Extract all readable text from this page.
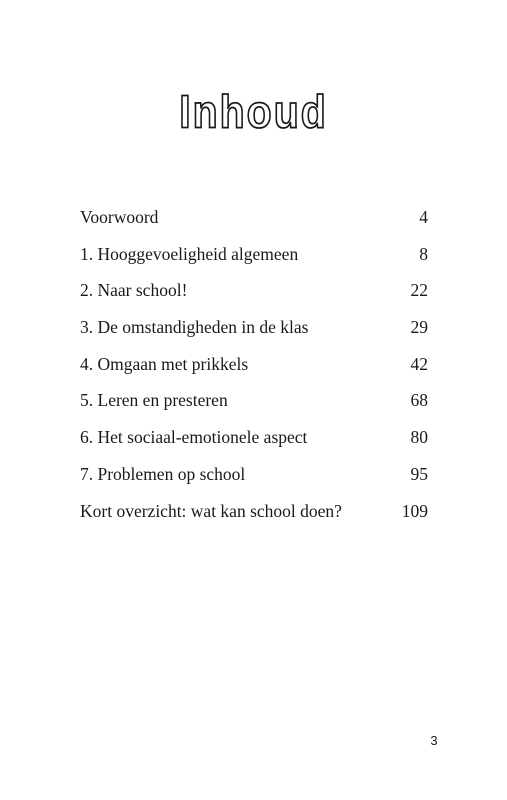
Inhoud
Voorwoord	4
1. Hooggevoeligheid algemeen	8
2. Naar school!	22
3. De omstandigheden in de klas	29
4. Omgaan met prikkels	42
5. Leren en presteren	68
6. Het sociaal-emotionele aspect	80
7. Problemen op school	95
Kort overzicht: wat kan school doen?	109
3
